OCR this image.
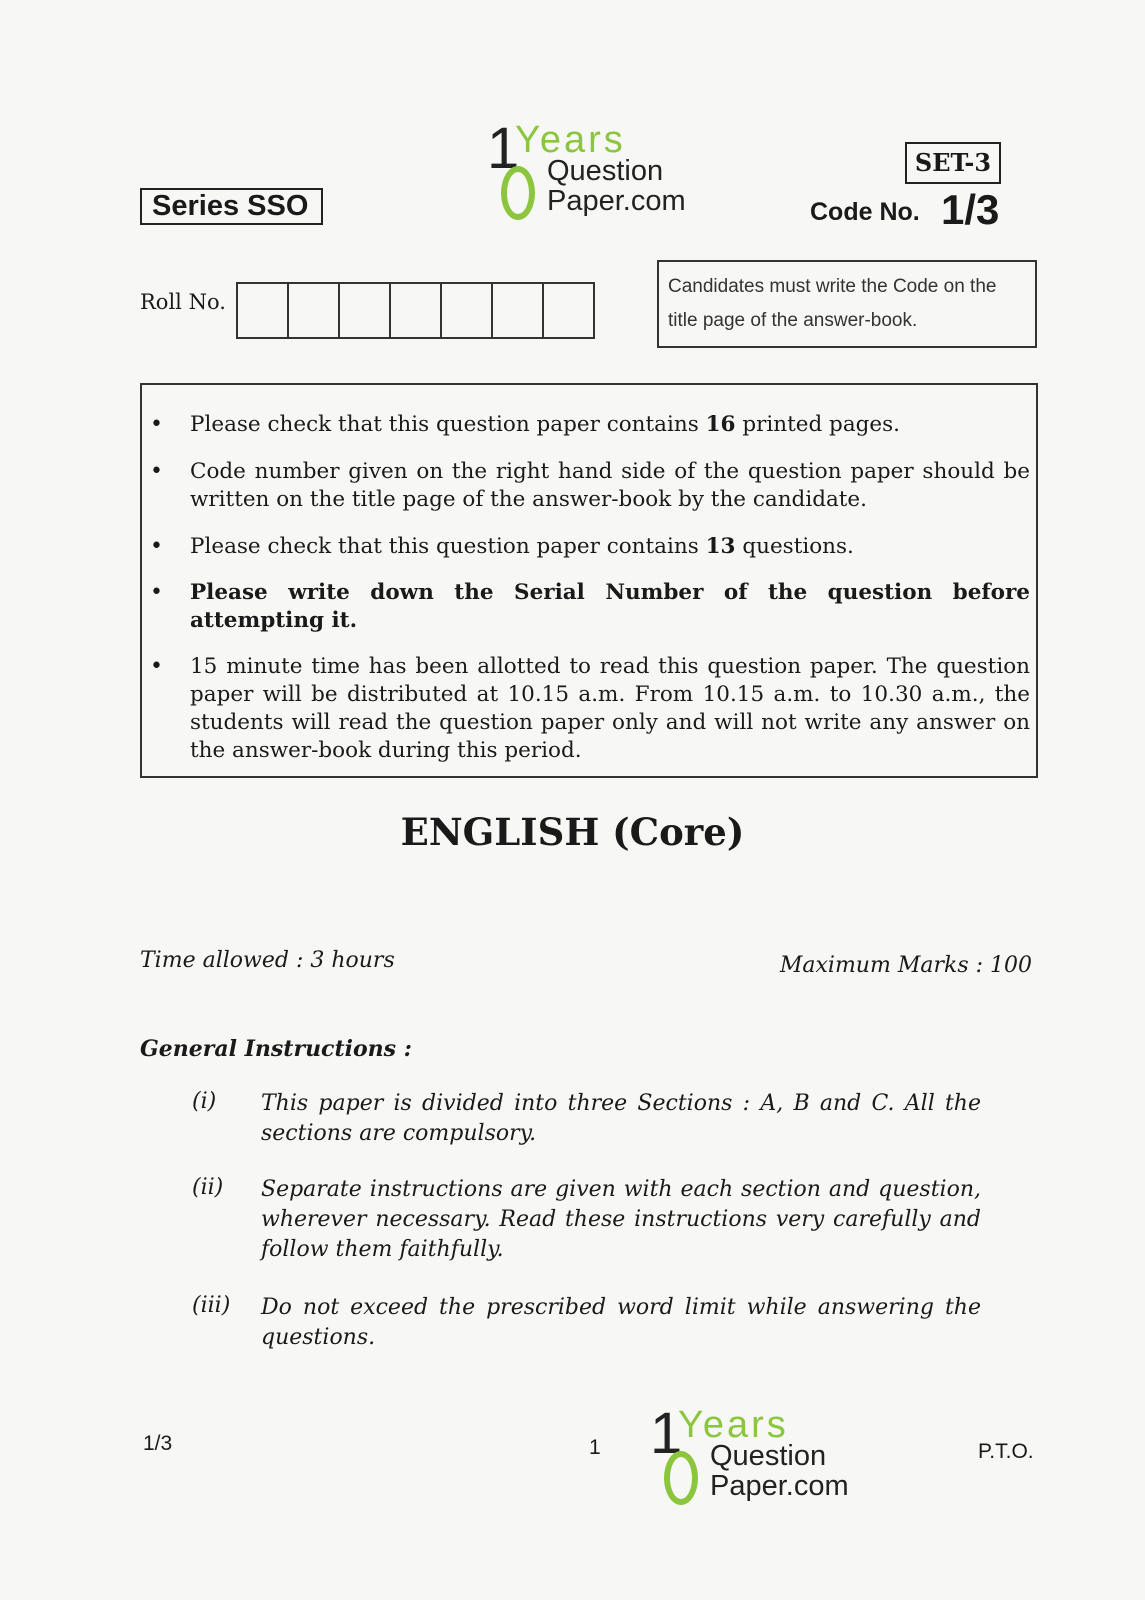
Series SSO
1
Years
Question
Paper.com
SET-3
Code No. 1/3
Roll No.
Candidates must write the Code on the
title page of the answer-book.
• Please check that this question paper contains 16 printed pages.
• Code number given on the right hand side of the question paper should be written on the title page of the answer-book by the candidate.
• Please check that this question paper contains 13 questions.
• Please write down the Serial Number of the question before attempting it.
• 15 minute time has been allotted to read this question paper. The question paper will be distributed at 10.15 a.m. From 10.15 a.m. to 10.30 a.m., the students will read the question paper only and will not write any answer on the answer-book during this period.
ENGLISH (Core)
Time allowed : 3 hours	Maximum Marks : 100
General Instructions :
(i) This paper is divided into three Sections : A, B and C. All the sections are compulsory.
(ii) Separate instructions are given with each section and question, wherever necessary. Read these instructions very carefully and follow them faithfully.
(iii) Do not exceed the prescribed word limit while answering the questions.
1/3	1 1
Years
Question
Paper.com
P.T.O.
